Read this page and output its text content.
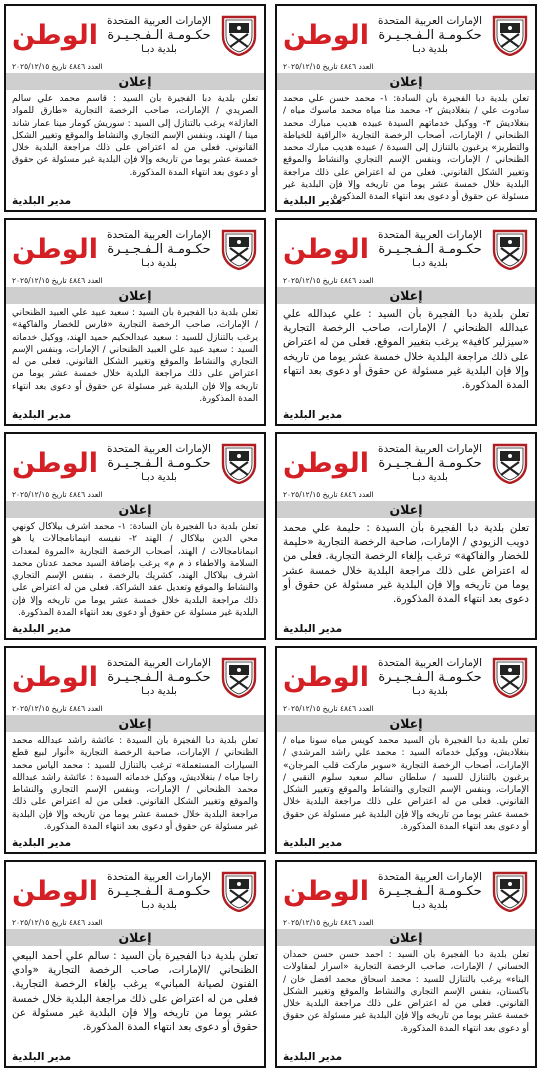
الوطن الإمارات العربية المتحدة
حكـومـة الـفـجـيـرة
بلدية دبـا
العدد ٤٨٤٦ تاريخ ٢٠٢٥/١٢/١٥
إعلان

تعلن بلدية دبا الفجيرة بأن السادة: ١- محمد حسن علي محمد سادوت علي / بنغلاديش ٢- محمد منا مياه محمد ماسوك مياه / بنغلاديش ٣- ووكيل خدماتهم السيدة عبيده هديب مبارك محمد الظنحاني / الإمارات، أصحاب الرخصة التجارية «الراقية للخياطة والتطريز» يرغبون بالتنازل إلى السيدة / عبيده هديب مبارك محمد الظنحاني / الإمارات، وبنفس الإسم التجاري والنشاط والموقع وتغيير الشكل القانوني. فعلى من له اعتراض على ذلك مراجعة البلدية خلال خمسة عشر يوما من تاريخه وإلا فإن البلدية غير مسئولة عن حقوق أو دعوى بعد انتهاء المدة المذكورة.

مدير البلدية
الوطن الإمارات العربية المتحدة
حكـومـة الـفـجـيـرة
بلدية دبـا
العدد ٤٨٤٦ تاريخ ٢٠٢٥/١٢/١٥
إعلان

تعلن بلدية دبا الفجيرة بأن السيد : قاسم محمد علي سالم الصريدي / الإمارات، صاحب الرخصة التجارية «طارق للمواد العازلة» يرغب بالتنازل إلى السيد : سوريش كومار مينا عمار شاند مينا / الهند، وبنفس الإسم التجاري والنشاط والموقع وتغيير الشكل القانوني. فعلى من له اعتراض على ذلك مراجعة البلدية خلال خمسة عشر يوما من تاريخه وإلا فإن البلدية غير مسئولة عن حقوق أو دعوى بعد انتهاء المدة المذكورة.

مدير البلدية
الوطن الإمارات العربية المتحدة
حكـومـة الـفـجـيـرة
بلدية دبـا
العدد ٤٨٤٦ تاريخ ٢٠٢٥/١٢/١٥
إعلان

تعلن بلدية دبا الفجيرة بأن السيد : علي عبدالله علي عبدالله الظنحاني / الإمارات، صاحب الرخصة التجارية «سيزلير كافية» يرغب بتغيير الموقع. فعلى من له اعتراض على ذلك مراجعة البلدية خلال خمسة عشر يوما من تاريخه وإلا فإن البلدية غير مسئولة عن حقوق أو دعوى بعد انتهاء المدة المذكورة.

مدير البلدية
الوطن الإمارات العربية المتحدة
حكـومـة الـفـجـيـرة
بلدية دبـا
العدد ٤٨٤٦ تاريخ ٢٠٢٥/١٢/١٥
إعلان

تعلن بلدية دبا الفجيرة بأن السيد : سعيد عبيد علي العبيد الظنحاني / الإمارات، صاحب الرخصة التجارية «فارس للخضار والفاكهة» يرغب بالتنازل للسيد : سعيد عبدالحكيم حميد الهند، ووكيل خدماته السيد : سعيد عبيد علي العبيد الظنحاني / الإمارات، وبنفس الإسم التجاري والنشاط والموقع وتغيير الشكل القانوني. فعلى من له اعتراض على ذلك مراجعة البلدية خلال خمسة عشر يوما من تاريخه وإلا فإن البلدية غير مسئولة عن حقوق أو دعوى بعد انتهاء المدة المذكورة.

مدير البلدية
الوطن الإمارات العربية المتحدة
حكـومـة الـفـجـيـرة
بلدية دبـا
العدد ٤٨٤٦ تاريخ ٢٠٢٥/١٢/١٥
إعلان

تعلن بلدية دبا الفجيرة بأن السيدة : حليمة علي محمد دويب الزيودي / الإمارات، صاحبة الرخصة التجارية «حليمة للخضار والفاكهة» ترغب بإلغاء الرخصة التجارية. فعلى من له اعتراض على ذلك مراجعة البلدية خلال خمسة عشر يوما من تاريخه وإلا فإن البلدية غير مسئولة عن حقوق أو دعوى بعد انتهاء المدة المذكورة.

مدير البلدية
الوطن الإمارات العربية المتحدة
حكـومـة الـفـجـيـرة
بلدية دبـا
العدد ٤٨٤٦ تاريخ ٢٠٢٥/١٢/١٥
إعلان

تعلن بلدية دبا الفجيرة بأن السادة: ١- محمد اشرف بيلاكال كونهي محي الدين بيلاكال / الهند ٢- نفيسه انيمانامجالات يا هو انيمانامجالات / الهند، أصحاب الرخصة التجارية «المروة لمعدات السلامة والاطفاء ذ م م» يرغب بإضافة السيد محمد عدنان محمد اشرف بيلاكال الهند، كشريك بالرخصة ، بنفس الإسم التجاري والنشاط والموقع وتعديل عقد الشراكة. فعلى من له اعتراض على ذلك مراجعة البلدية خلال خمسة عشر يوما من تاريخه وإلا فإن البلدية غير مسئولة عن حقوق أو دعوى بعد انتهاء المدة المذكورة.

مدير البلدية
الوطن الإمارات العربية المتحدة
حكـومـة الـفـجـيـرة
بلدية دبـا
العدد ٤٨٤٦ تاريخ ٢٠٢٥/١٢/١٥
إعلان

تعلن بلدية دبا الفجيرة بأن السيد محمد كويس مياه سونا مياه / بنغلاديش، ووكيل خدماته السيد : محمد علي راشد المرشدي / الإمارات، أصحاب الرخصة التجارية «سوبر ماركت قلب المرجان» يرغبون بالتنازل للسيد / سلطان سالم سعيد سلوم النقبي / الإمارات، وبنفس الإسم التجاري والنشاط والموقع وتغيير الشكل القانوني. فعلى من له اعتراض على ذلك مراجعة البلدية خلال خمسة عشر يوما من تاريخه وإلا فإن البلدية غير مسئولة عن حقوق أو دعوى بعد انتهاء المدة المذكورة.

مدير البلدية
الوطن الإمارات العربية المتحدة
حكـومـة الـفـجـيـرة
بلدية دبـا
العدد ٤٨٤٦ تاريخ ٢٠٢٥/١٢/١٥
إعلان

تعلن بلدية دبا الفجيرة بأن السيدة : عائشة راشد عبدالله محمد الظنحاني / الإمارات، صاحبة الرخصة التجارية «أنوار لبيع قطع السيارات المستعملة» ترغب بالتنازل للسيد : محمد الياس محمد راجا مياه / بنغلاديش، ووكيل خدماته السيدة : عائشة راشد عبدالله محمد الظنحاني / الإمارات، وبنفس الإسم التجاري والنشاط والموقع وتغيير الشكل القانوني. فعلى من له اعتراض على ذلك مراجعة البلدية خلال خمسة عشر يوما من تاريخه وإلا فإن البلدية غير مسئولة عن حقوق أو دعوى بعد انتهاء المدة المذكورة.

مدير البلدية
الوطن الإمارات العربية المتحدة
حكـومـة الـفـجـيـرة
بلدية دبـا
العدد ٤٨٤٦ تاريخ ٢٠٢٥/١٢/١٥
إعلان

تعلن بلدية دبا الفجيرة بأن السيد : احمد حسن حسن حمدان الحساني / الإمارات، صاحب الرخصة التجارية «اسرار لمقاولات البناء» يرغب بالتنازل للسيد : محمد اسحاق محمد افضل خان / باكستان، بنفس الإسم التجاري والنشاط والموقع وتغيير الشكل القانوني. فعلى من له اعتراض على ذلك مراجعة البلدية خلال خمسة عشر يوما من تاريخه وإلا فإن البلدية غير مسئولة عن حقوق أو دعوى بعد انتهاء المدة المذكورة.

مدير البلدية
الوطن الإمارات العربية المتحدة
حكـومـة الـفـجـيـرة
بلدية دبـا
العدد ٤٨٤٦ تاريخ ٢٠٢٥/١٢/١٥
إعلان

تعلن بلدية دبا الفجيرة بأن السيد : سالم علي أحمد البيعي الظنحاني /الإمارات، صاحب الرخصة التجارية «وادي الفنون لصيانة المباني» يرغب بإلغاء الرخصة التجارية. فعلى من له اعتراض على ذلك مراجعة البلدية خلال خمسة عشر يوما من تاريخه وإلا فإن البلدية غير مسئولة عن حقوق أو دعوى بعد انتهاء المدة المذكورة.

مدير البلدية
